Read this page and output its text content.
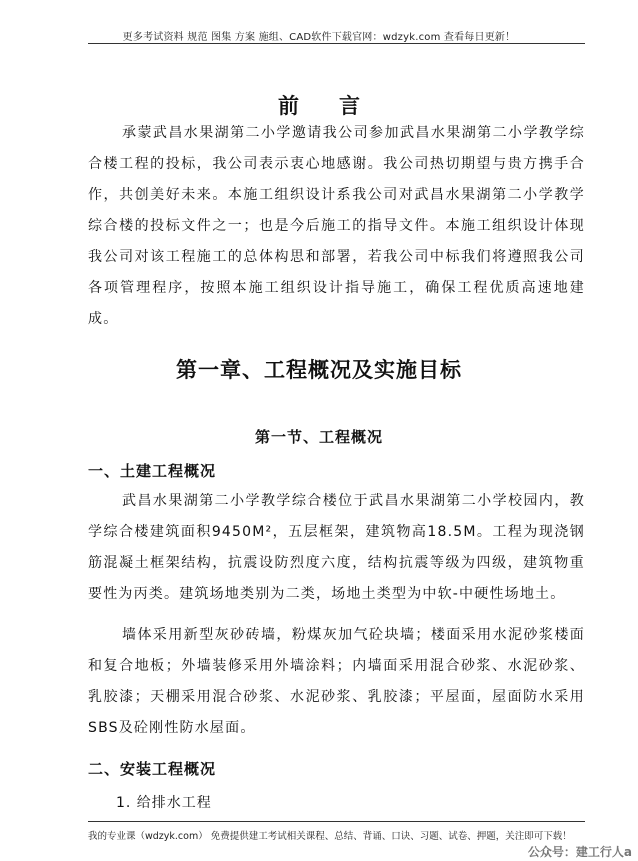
更多考试资料 规范 图集 方案 施组、CAD软件下载官网：wdzyk.com 查看每日更新！
前言

承蒙武昌水果湖第二小学邀请我公司参加武昌水果湖第二小学教学综合楼工程的投标，我公司表示衷心地感谢。我公司热切期望与贵方携手合作，共创美好未来。本施工组织设计系我公司对武昌水果湖第二小学教学综合楼的投标文件之一；也是今后施工的指导文件。本施工组织设计体现我公司对该工程施工的总体构思和部署，若我公司中标我们将遵照我公司各项管理程序，按照本施工组织设计指导施工，确保工程优质高速地建成。

第一章、工程概况及实施目标
第一节、工程概况
一、土建工程概况

武昌水果湖第二小学教学综合楼位于武昌水果湖第二小学校园内，教学综合楼建筑面积9450M²，五层框架，建筑物高18.5M。工程为现浇钢筋混凝土框架结构，抗震设防烈度六度，结构抗震等级为四级，建筑物重要性为丙类。建筑场地类别为二类，场地土类型为中软-中硬性场地土。

墙体采用新型灰砂砖墙，粉煤灰加气砼块墙；楼面采用水泥砂浆楼面和复合地板；外墙装修采用外墙涂料；内墙面采用混合砂浆、水泥砂浆、乳胶漆；天棚采用混合砂浆、水泥砂浆、乳胶漆；平屋面，屋面防水采用SBS及砼刚性防水屋面。

二、安装工程概况
1. 给排水工程
我的专业课（wdzyk.com） 免费提供建工考试相关课程、总结、背诵、口诀、习题、试卷、押题，关注即可下载！
公众号：建工行人a
